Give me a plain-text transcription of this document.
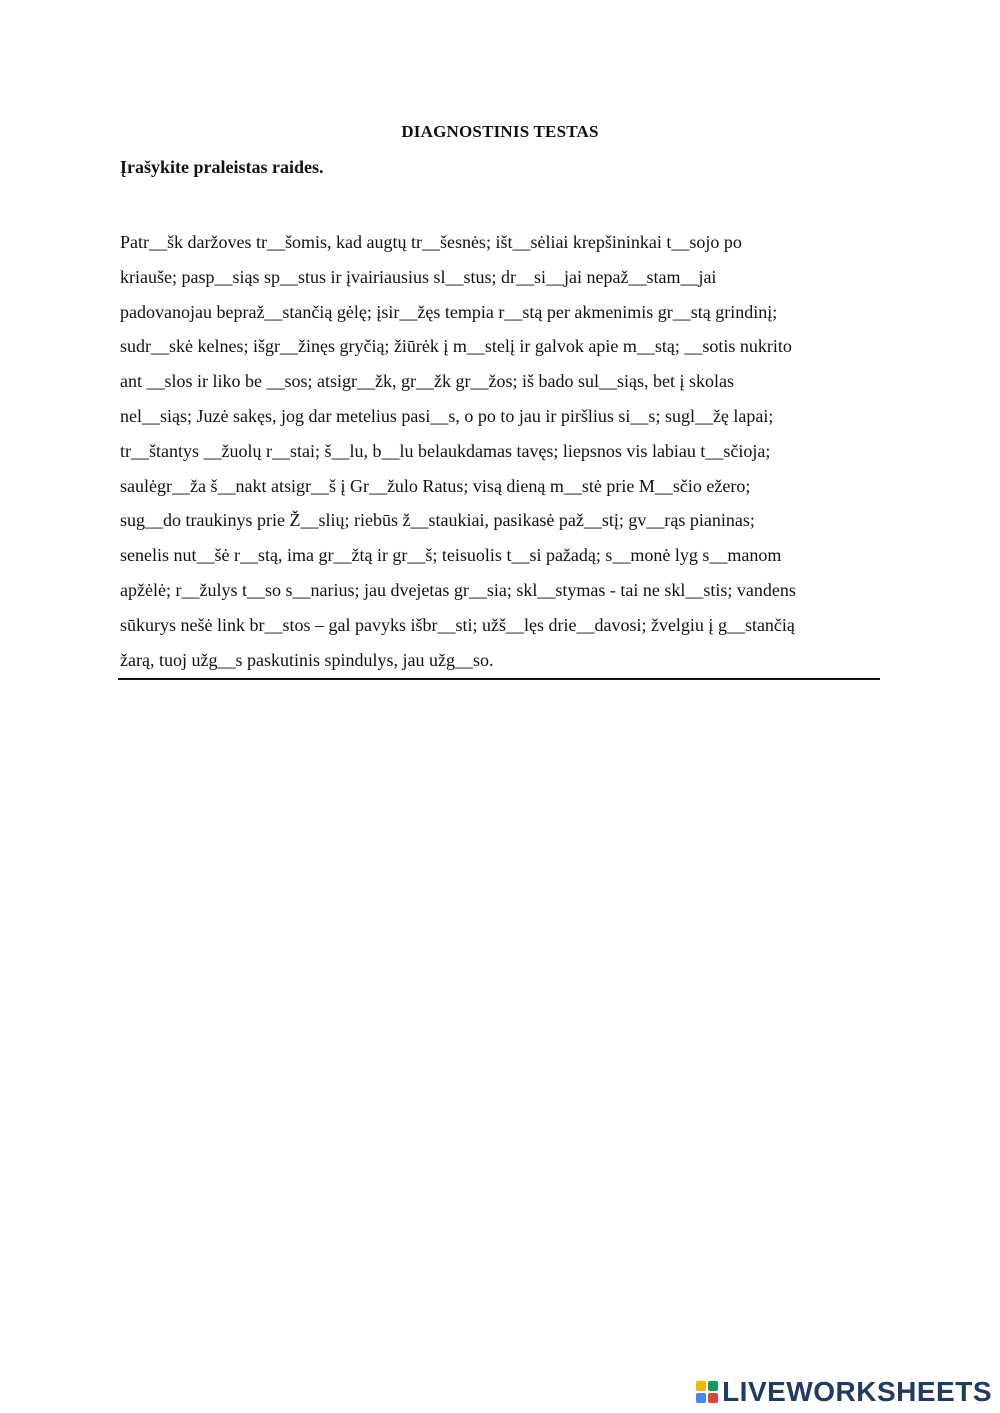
DIAGNOSTINIS TESTAS
Įrašykite praleistas raides.
Patr__šk daržoves tr__šomis, kad augtų tr__šesnės; išt__sėliai krepšininkai t__sojo po
kriauše; pasp__siąs sp__stus ir įvairiausius sl__stus; dr__si__jai nepaž__stam__jai
padovanojau bepraž__stančią gėlę; įsir__žęs tempia r__stą per akmenimis gr__stą grindinį;
sudr__skė kelnes; išgr__žinęs gryčią; žiūrėk į m__stelį ir galvok apie m__stą; __sotis nukrito
ant __slos ir liko be __sos; atsigr__žk, gr__žk gr__žos; iš bado sul__siąs, bet į skolas
nel__siąs; Juzė sakęs, jog dar metelius pasi__s, o po to jau ir piršlius si__s; sugl__žę lapai;
tr__štantys __žuolų r__stai; š__lu, b__lu belaukdamas tavęs; liepsnos vis labiau t__sčioja;
saulėgr__ža š__nakt atsigr__š į Gr__žulo Ratus; visą dieną m__stė prie M__sčio ežero;
sug__do traukinys prie Ž__slių; riebūs ž__staukiai, pasikasė paž__stį; gv__rąs pianinas;
senelis nut__šė r__stą, ima gr__žtą ir gr__š; teisuolis t__si pažadą; s__monė lyg s__manom
apžėlė; r__žulys t__so s__narius; jau dvejetas gr__sia; skl__stymas - tai ne skl__stis; vandens
sūkurys nešė link br__stos – gal pavyks išbr__sti; užš__lęs drie__davosi; žvelgiu į g__stančią
žarą, tuoj užg__s paskutinis spindulys, jau užg__so.
LIVEWORKSHEETS
